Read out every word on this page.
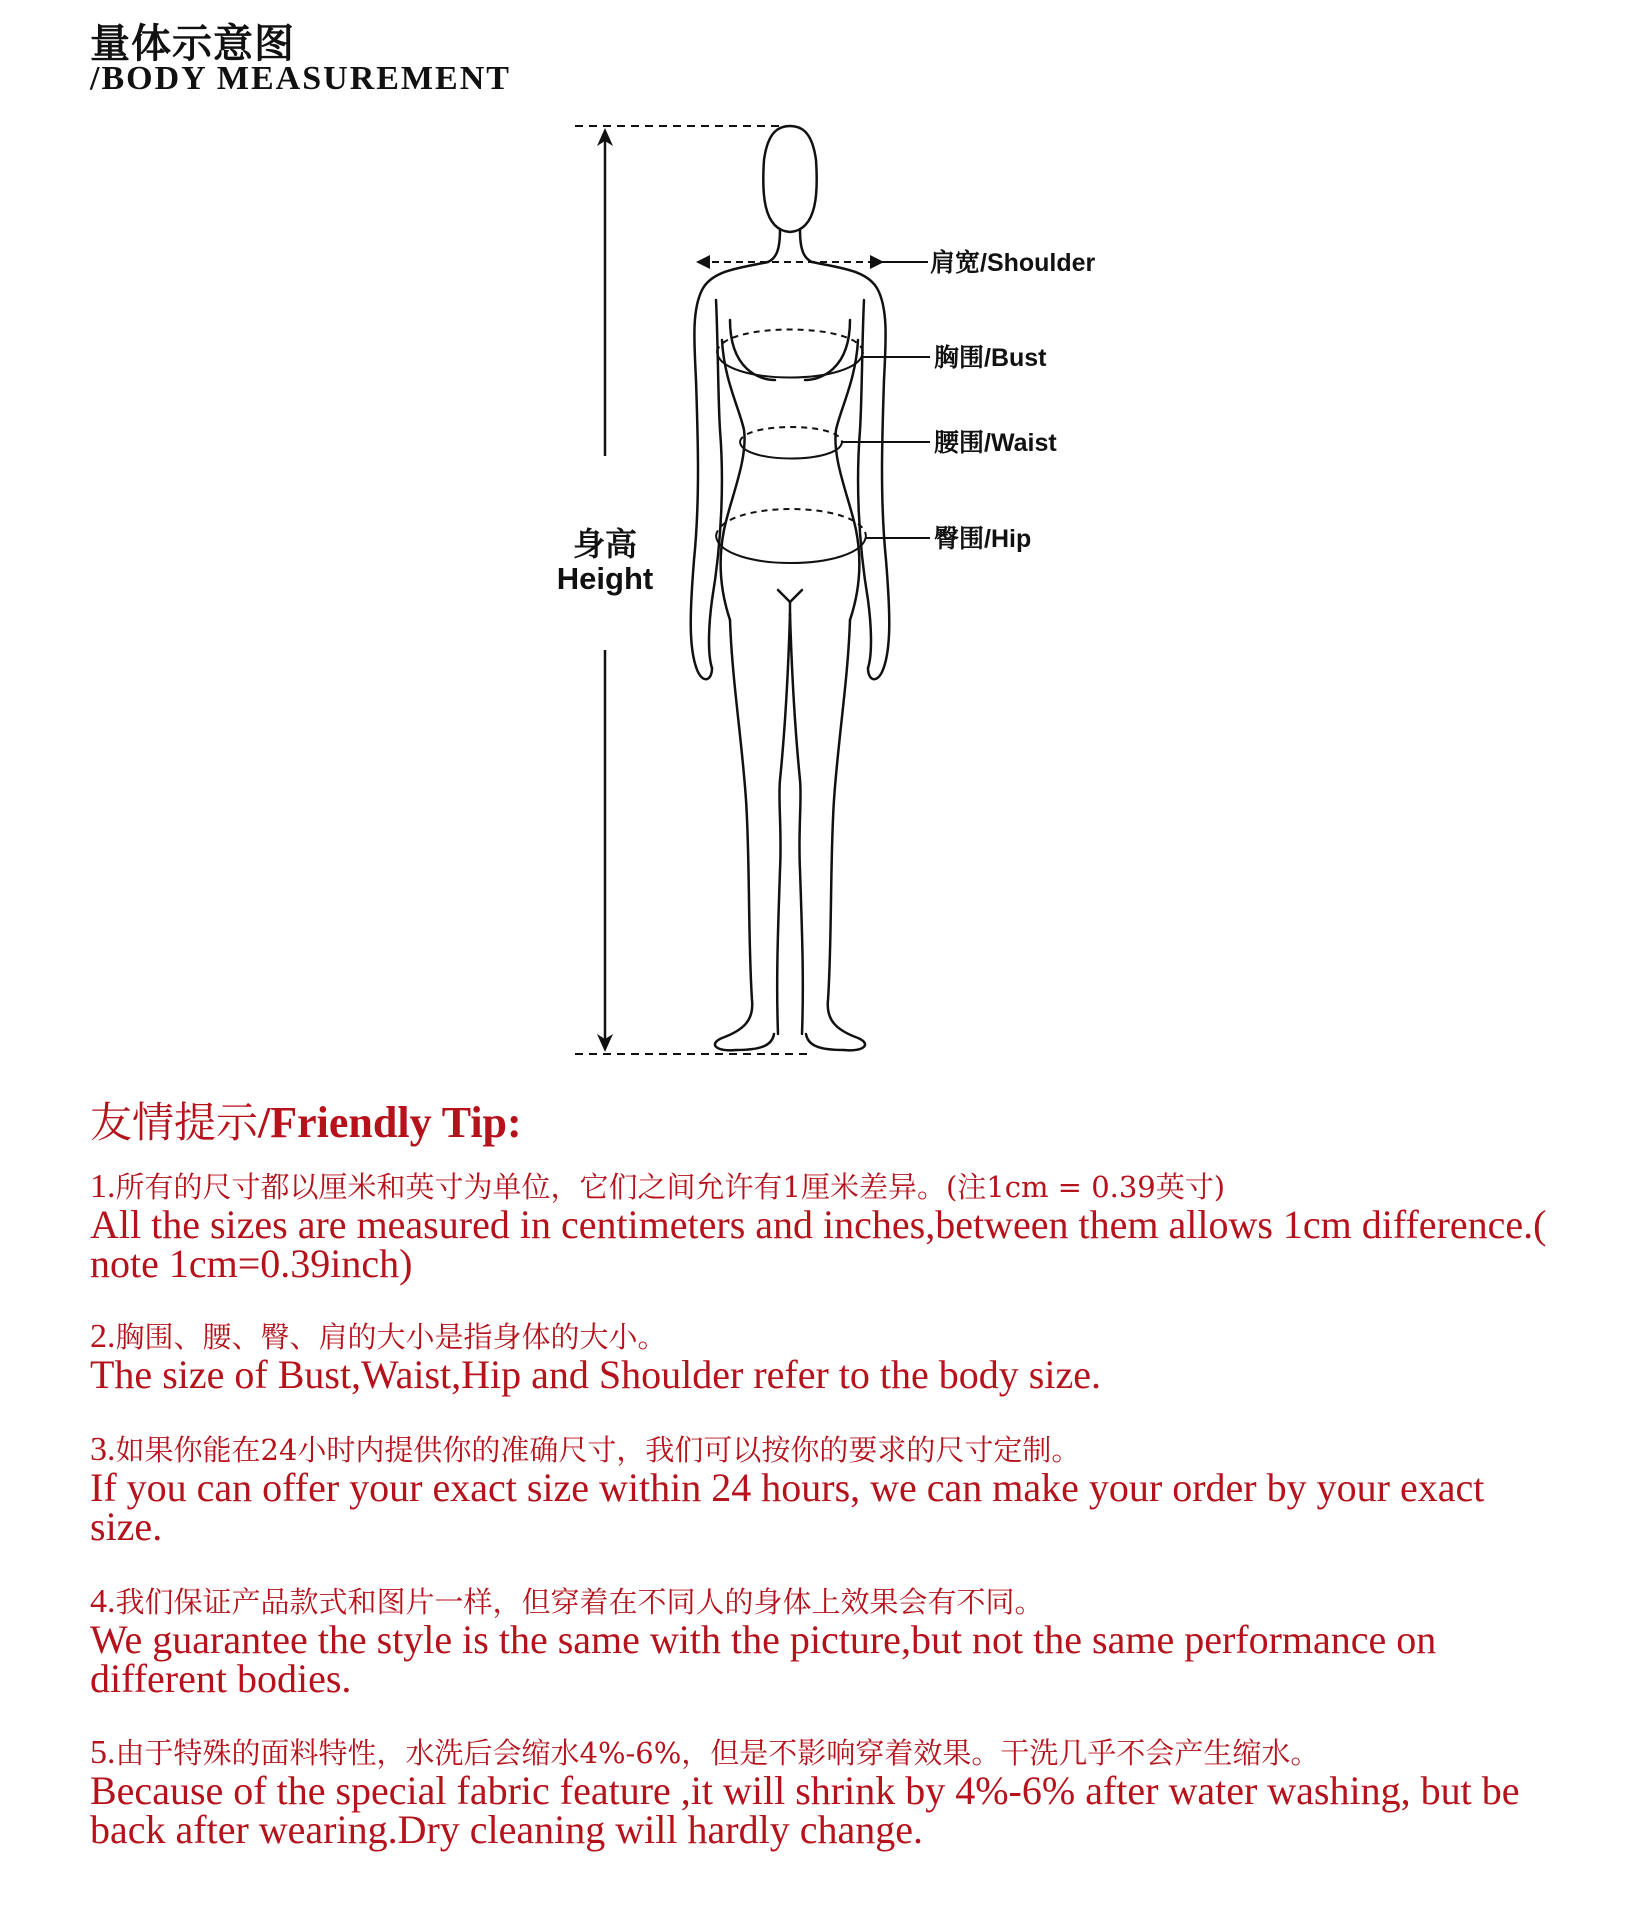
量体示意图
/BODY MEASUREMENT
身高
Height
肩宽/Shoulder
胸围/Bust
腰围/Waist
臀围/Hip
友情提示/Friendly Tip:
1.所有的尺寸都以厘米和英寸为单位，它们之间允许有1厘米差异。(注1cm = 0.39英寸)
All the sizes are measured in centimeters and inches,between them allows 1cm difference.( note 1cm=0.39inch)
2.胸围、腰、臀、肩的大小是指身体的大小。
The size of Bust,Waist,Hip and Shoulder refer to the body size.
3.如果你能在24小时内提供你的准确尺寸，我们可以按你的要求的尺寸定制。
If you can offer your exact size within 24 hours, we can make your order by your exact size.
4.我们保证产品款式和图片一样，但穿着在不同人的身体上效果会有不同。
We guarantee the style is the same with the picture,but not the same performance on different bodies.
5.由于特殊的面料特性，水洗后会缩水4%-6%，但是不影响穿着效果。干洗几乎不会产生缩水。
Because of the special fabric feature ,it will shrink by 4%-6% after water washing, but be back after wearing.Dry cleaning will hardly change.
